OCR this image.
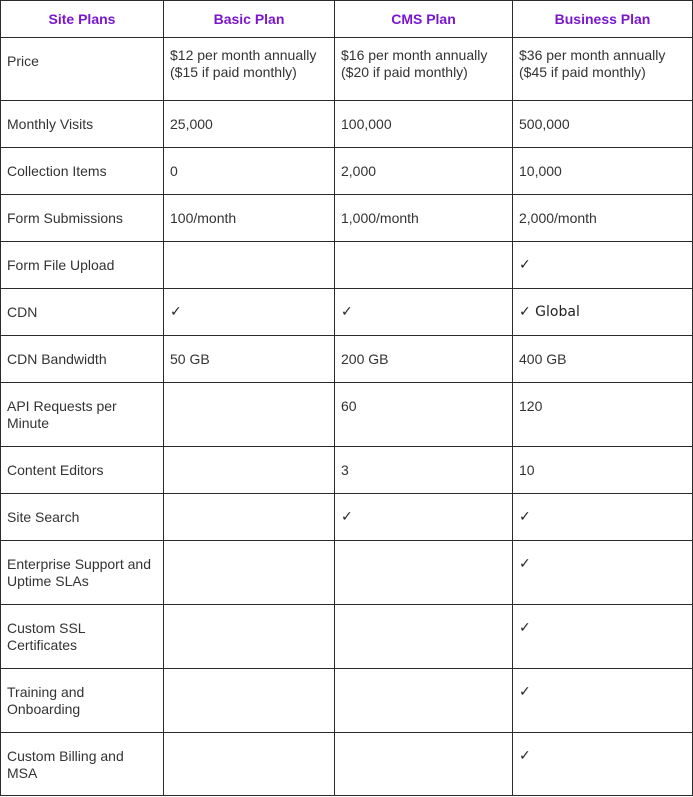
Site Plans	Basic Plan	CMS Plan	Business Plan
Price	$12 per month annually ($15 if paid monthly)	$16 per month annually ($20 if paid monthly)	$36 per month annually ($45 if paid monthly)
Monthly Visits	25,000	100,000	500,000
Collection Items	0	2,000	10,000
Form Submissions	100/month	1,000/month	2,000/month
Form File Upload			✓
CDN	✓	✓	✓ Global
CDN Bandwidth	50 GB	200 GB	400 GB
API Requests per Minute		60	120
Content Editors		3	10
Site Search		✓	✓
Enterprise Support and Uptime SLAs			✓
Custom SSL Certificates			✓
Training and Onboarding			✓
Custom Billing and MSA			✓
